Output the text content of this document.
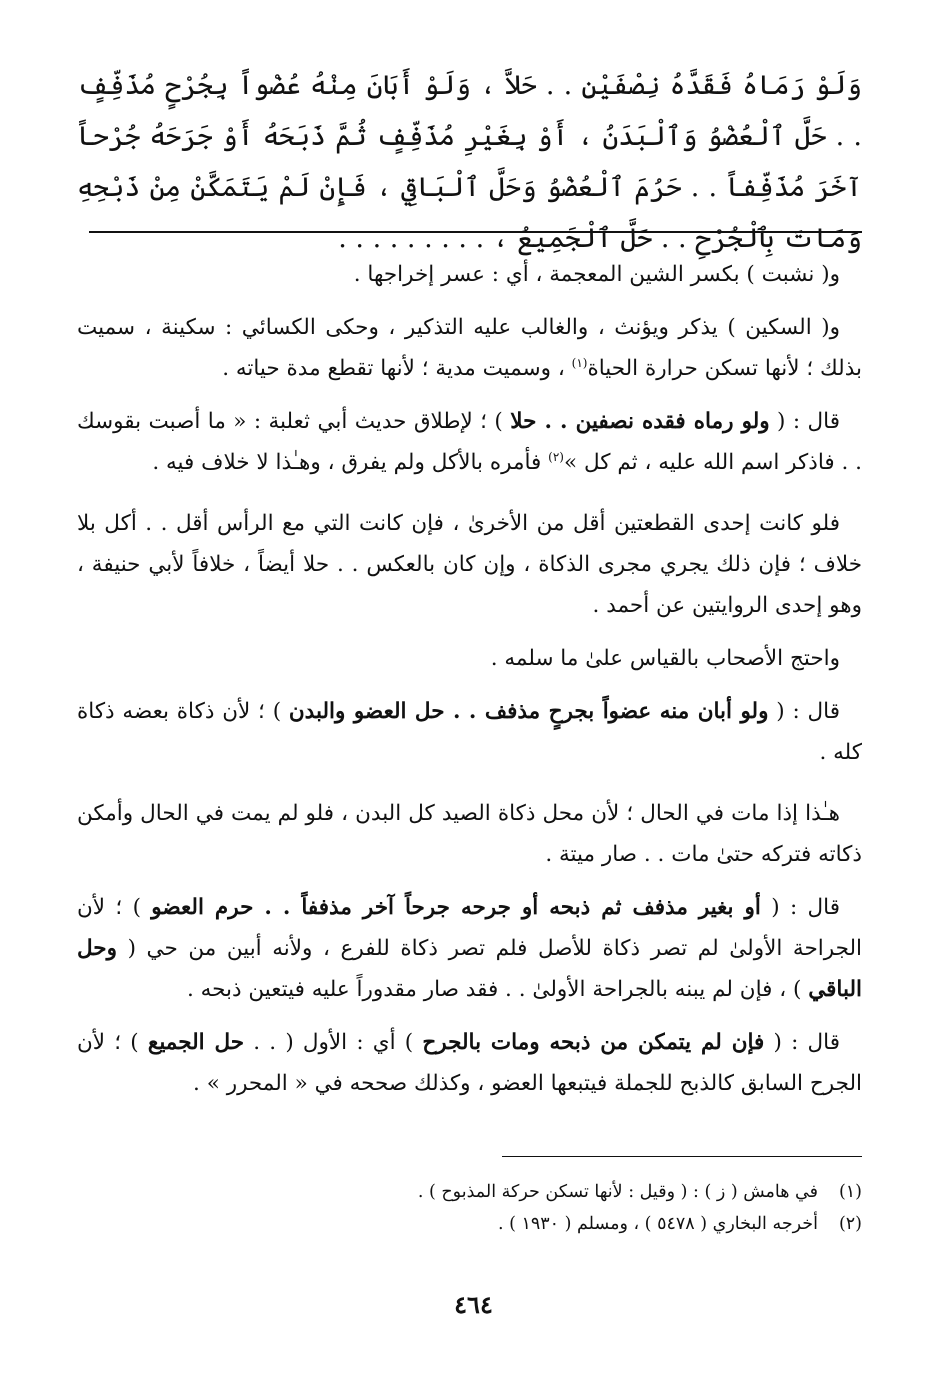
وَلَوْ رَمَاهُ فَقَدَّهُ نِصْفَيْنِ . . حَلاَّ ، وَلَوْ أَبَانَ مِنْهُ عُضْواً بِجُرْحٍ مُذَفِّفٍ . . حَلَّ ٱلْعُضْوُ وَٱلْبَدَنُ ، أَوْ بِغَيْرِ مُذَفِّفٍ ثُمَّ ذَبَحَهُ أَوْ جَرَحَهُ جُرْحاً آخَرَ مُذَفِّفاً . . حَرُمَ ٱلْعُضْوُ وَحَلَّ ٱلْبَاقِي ، فَإِنْ لَمْ يَتَمَكَّنْ مِنْ ذَبْحِهِ وَمَاتَ بِٱلْجُرْحِ . . حَلَّ ٱلْجَمِيعُ ، . . . . . . . . .

و( نشبت ) بكسر الشين المعجمة ، أي : عسر إخراجها .

و( السكين ) يذكر ويؤنث ، والغالب عليه التذكير ، وحكى الكسائي : سكينة ، سميت بذلك ؛ لأنها تسكن حرارة الحياة$^{(١)}$ ، وسميت مدية ؛ لأنها تقطع مدة حياته .

قال : ( ولو رماه فقده نصفين . . حلا ) ؛ لإطلاق حديث أبي ثعلبة : « ما أصبت بقوسك . . فاذكر اسم الله عليه ، ثم كل »$^{(٢)}$ فأمره بالأكل ولم يفرق ، وهـٰذا لا خلاف فيه .

فلو كانت إحدى القطعتين أقل من الأخرىٰ ، فإن كانت التي مع الرأس أقل . . أكل بلا خلاف ؛ فإن ذلك يجري مجرى الذكاة ، وإن كان بالعكس . . حلا أيضاً ، خلافاً لأبي حنيفة ، وهو إحدى الروايتين عن أحمد .

واحتج الأصحاب بالقياس علىٰ ما سلمه .

قال : ( ولو أبان منه عضواً بجرحٍ مذفف . . حل العضو والبدن ) ؛ لأن ذكاة بعضه ذكاة كله .

هـٰذا إذا مات في الحال ؛ لأن محل ذكاة الصيد كل البدن ، فلو لم يمت في الحال وأمكن ذكاته فتركه حتىٰ مات . . صار ميتة .

قال : ( أو بغير مذفف ثم ذبحه أو جرحه جرحاً آخر مذففاً . . حرم العضو ) ؛ لأن الجراحة الأولىٰ لم تصر ذكاة للأصل فلم تصر ذكاة للفرع ، ولأنه أبين من حي ( وحل الباقي ) ، فإن لم يبنه بالجراحة الأولىٰ . . فقد صار مقدوراً عليه فيتعين ذبحه .

قال : ( فإن لم يتمكن من ذبحه ومات بالجرح ) أي : الأول ( . . حل الجميع ) ؛ لأن الجرح السابق كالذبح للجملة فيتبعها العضو ، وكذلك صححه في « المحرر » .

(١)
في هامش ( ز ) : ( وقيل : لأنها تسكن حركة المذبوح ) .
(٢)
أخرجه البخاري ( ٥٤٧٨ ) ، ومسلم ( ١٩٣٠ ) .
٤٦٤
